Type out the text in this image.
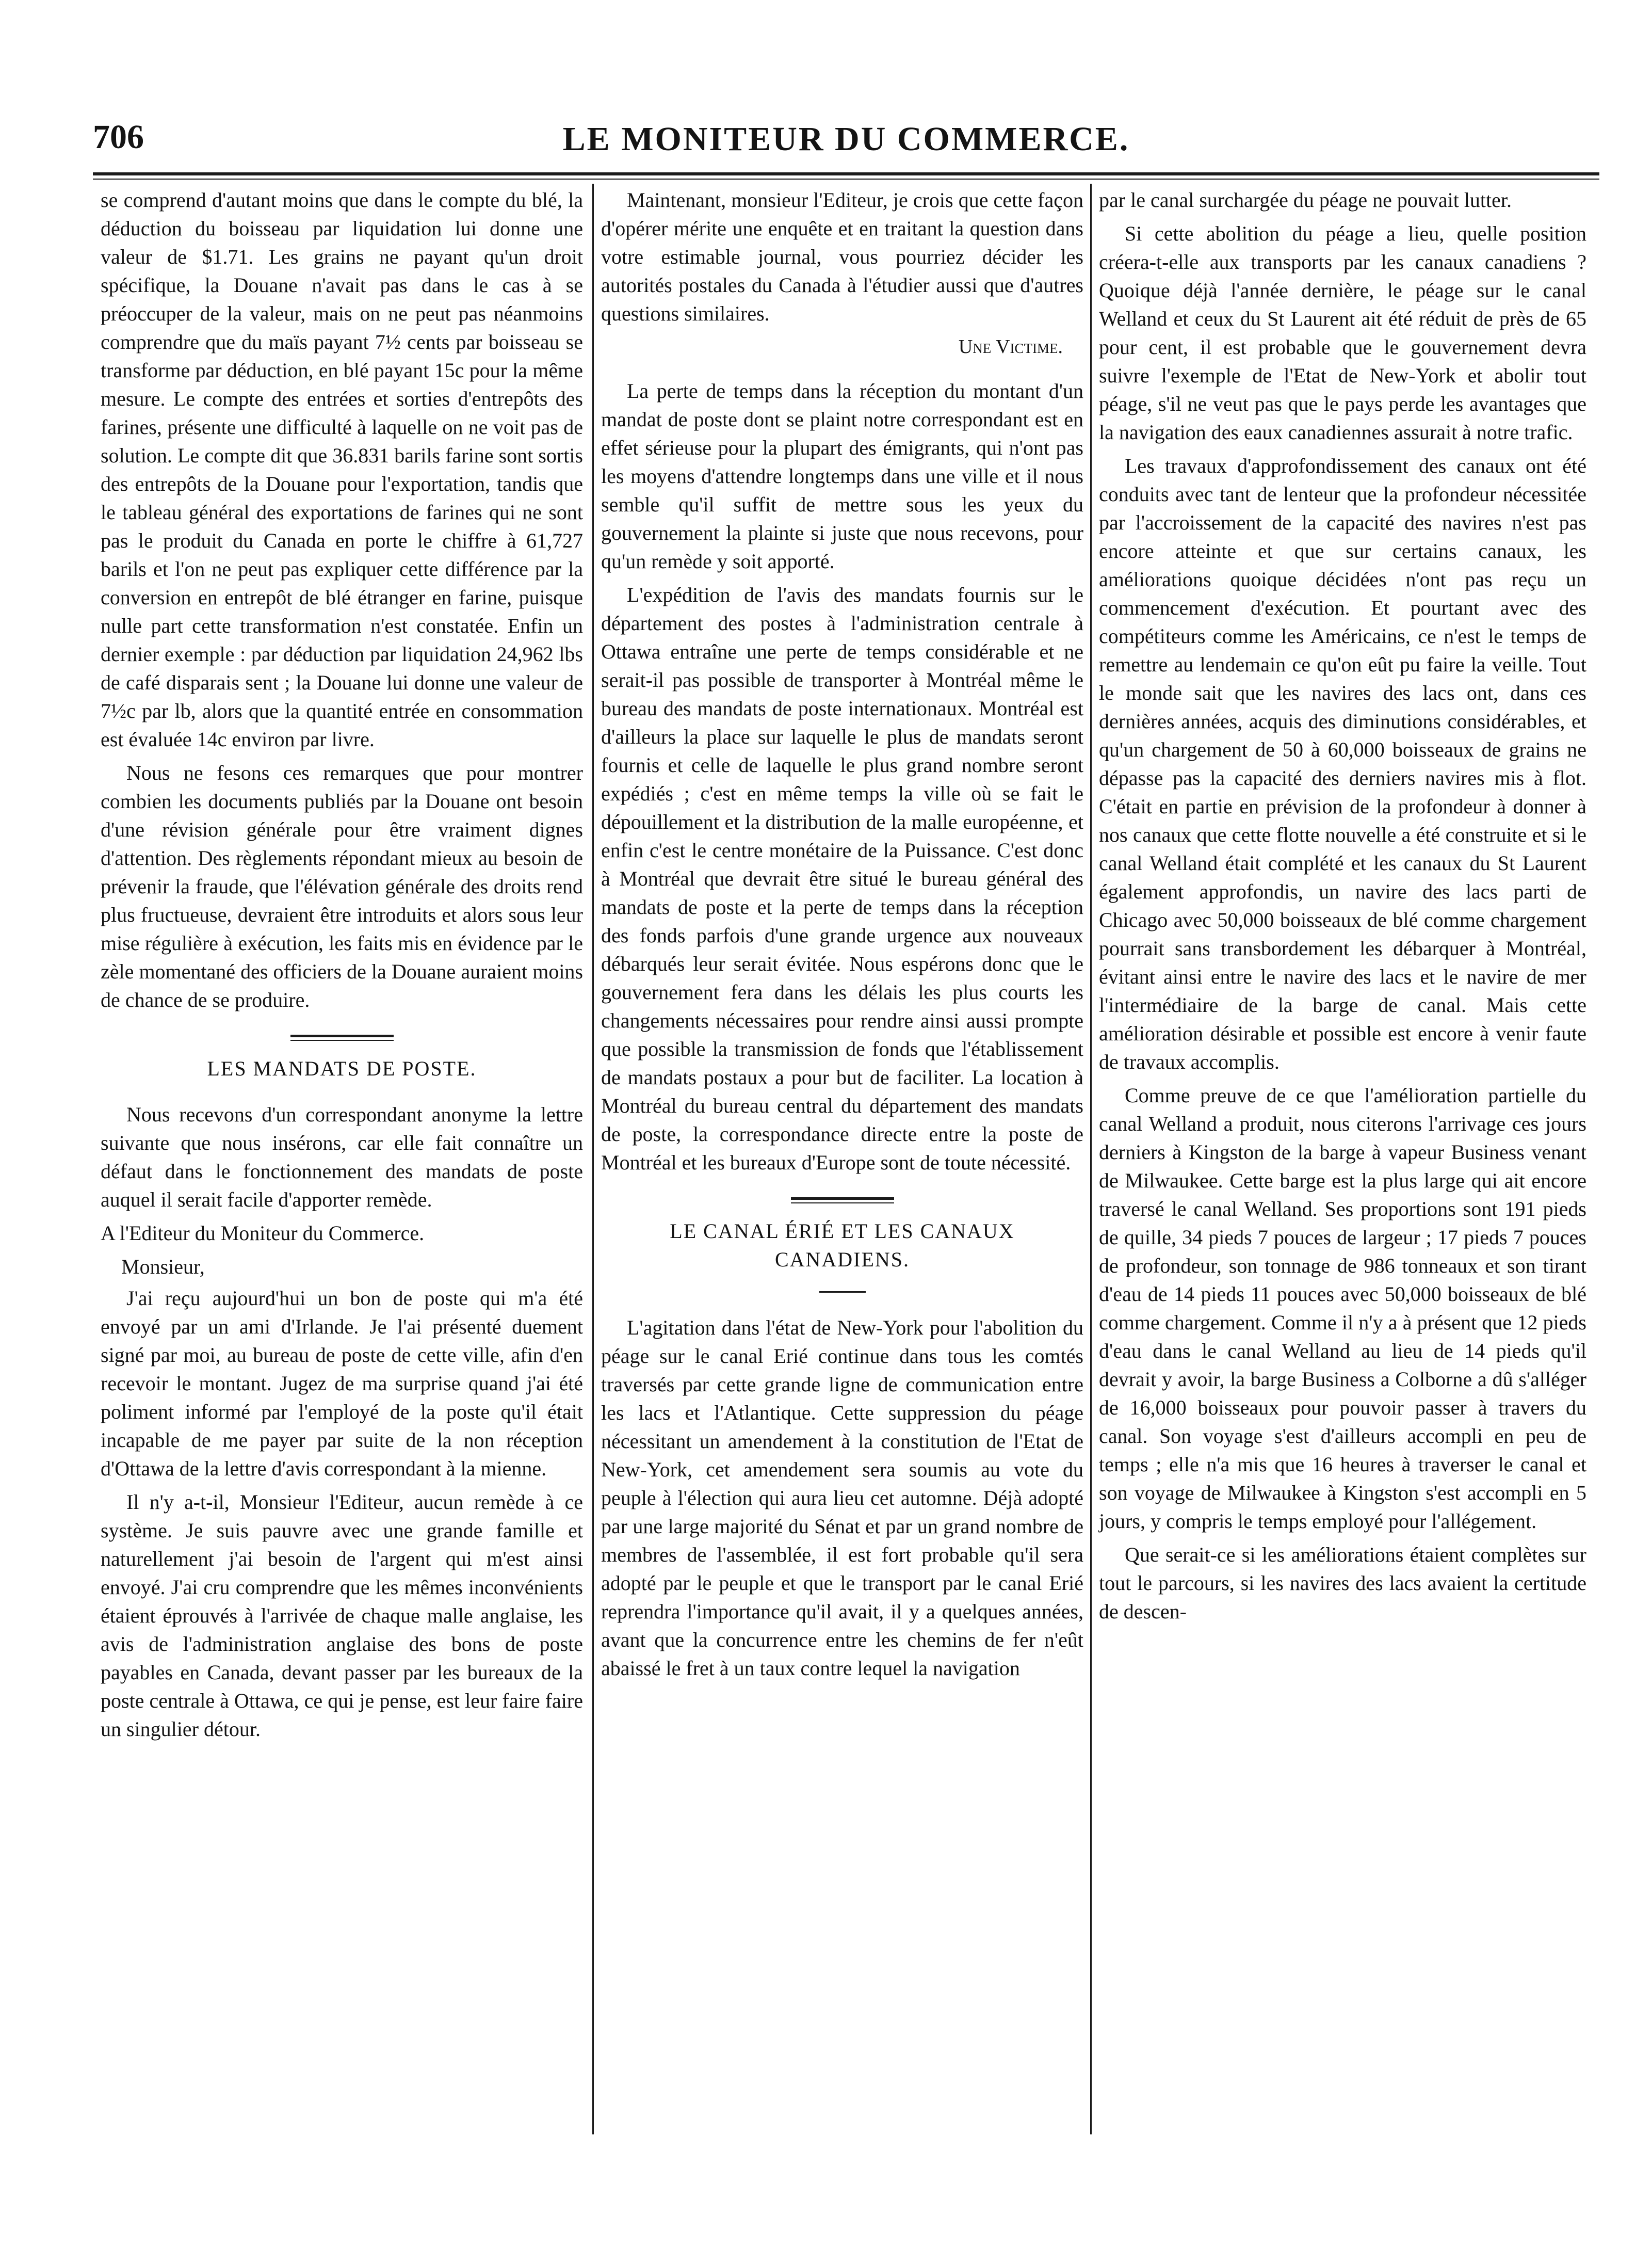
706	LE MONITEUR DU COMMERCE.

se comprend d'autant moins que dans le compte du blé, la déduction du boisseau par liquidation lui donne une valeur de $1.71. Les grains ne payant qu'un droit spécifique, la Douane n'avait pas dans le cas à se préoccuper de la valeur, mais on ne peut pas néanmoins comprendre que du maïs payant 7½ cents par boisseau se transforme par déduction, en blé payant 15c pour la même mesure. Le compte des entrées et sorties d'entrepôts des farines, présente une difficulté à laquelle on ne voit pas de solution. Le compte dit que 36.831 barils farine sont sortis des entrepôts de la Douane pour l'exportation, tandis que le tableau général des exportations de farines qui ne sont pas le produit du Canada en porte le chiffre à 61,727 barils et l'on ne peut pas expliquer cette différence par la conversion en entrepôt de blé étranger en farine, puisque nulle part cette transformation n'est constatée. Enfin un dernier exemple : par déduction par liquidation 24,962 lbs de café disparais sent ; la Douane lui donne une valeur de 7½c par lb, alors que la quantité entrée en consommation est évaluée 14c environ par livre.

Nous ne fesons ces remarques que pour montrer combien les documents publiés par la Douane ont besoin d'une révision générale pour être vraiment dignes d'attention. Des règlements répondant mieux au besoin de prévenir la fraude, que l'élévation générale des droits rend plus fructueuse, devraient être introduits et alors sous leur mise régulière à exécution, les faits mis en évidence par le zèle momentané des officiers de la Douane auraient moins de chance de se produire.

LES MANDATS DE POSTE.

Nous recevons d'un correspondant anonyme la lettre suivante que nous insérons, car elle fait connaître un défaut dans le fonctionnement des mandats de poste auquel il serait facile d'apporter remède.

A l'Editeur du Moniteur du Commerce.

Monsieur,

J'ai reçu aujourd'hui un bon de poste qui m'a été envoyé par un ami d'Irlande. Je l'ai présenté duement signé par moi, au bureau de poste de cette ville, afin d'en recevoir le montant. Jugez de ma surprise quand j'ai été poliment informé par l'employé de la poste qu'il était incapable de me payer par suite de la non réception d'Ottawa de la lettre d'avis correspondant à la mienne.

Il n'y a-t-il, Monsieur l'Editeur, aucun remède à ce système. Je suis pauvre avec une grande famille et naturellement j'ai besoin de l'argent qui m'est ainsi envoyé. J'ai cru comprendre que les mêmes inconvénients étaient éprouvés à l'arrivée de chaque malle anglaise, les avis de l'administration anglaise des bons de poste payables en Canada, devant passer par les bureaux de la poste centrale à Ottawa, ce qui je pense, est leur faire faire un singulier détour.

Maintenant, monsieur l'Editeur, je crois que cette façon d'opérer mérite une enquête et en traitant la question dans votre estimable journal, vous pourriez décider les autorités postales du Canada à l'étudier aussi que d'autres questions similaires.

Une Victime.

La perte de temps dans la réception du montant d'un mandat de poste dont se plaint notre correspondant est en effet sérieuse pour la plupart des émigrants, qui n'ont pas les moyens d'attendre longtemps dans une ville et il nous semble qu'il suffit de mettre sous les yeux du gouvernement la plainte si juste que nous recevons, pour qu'un remède y soit apporté.

L'expédition de l'avis des mandats fournis sur le département des postes à l'administration centrale à Ottawa entraîne une perte de temps considérable et ne serait-il pas possible de transporter à Montréal même le bureau des mandats de poste internationaux. Montréal est d'ailleurs la place sur laquelle le plus de mandats seront fournis et celle de laquelle le plus grand nombre seront expédiés ; c'est en même temps la ville où se fait le dépouillement et la distribution de la malle européenne, et enfin c'est le centre monétaire de la Puissance. C'est donc à Montréal que devrait être situé le bureau général des mandats de poste et la perte de temps dans la réception des fonds parfois d'une grande urgence aux nouveaux débarqués leur serait évitée. Nous espérons donc que le gouvernement fera dans les délais les plus courts les changements nécessaires pour rendre ainsi aussi prompte que possible la transmission de fonds que l'établissement de mandats postaux a pour but de faciliter. La location à Montréal du bureau central du département des mandats de poste, la correspondance directe entre la poste de Montréal et les bureaux d'Europe sont de toute nécessité.

LE CANAL ÉRIÉ ET LES CANAUX CANADIENS.

L'agitation dans l'état de New-York pour l'abolition du péage sur le canal Erié continue dans tous les comtés traversés par cette grande ligne de communication entre les lacs et l'Atlantique. Cette suppression du péage nécessitant un amendement à la constitution de l'Etat de New-York, cet amendement sera soumis au vote du peuple à l'élection qui aura lieu cet automne. Déjà adopté par une large majorité du Sénat et par un grand nombre de membres de l'assemblée, il est fort probable qu'il sera adopté par le peuple et que le transport par le canal Erié reprendra l'importance qu'il avait, il y a quelques années, avant que la concurrence entre les chemins de fer n'eût abaissé le fret à un taux contre lequel la navigation

par le canal surchargée du péage ne pouvait lutter.

Si cette abolition du péage a lieu, quelle position créera-t-elle aux transports par les canaux canadiens ? Quoique déjà l'année dernière, le péage sur le canal Welland et ceux du St Laurent ait été réduit de près de 65 pour cent, il est probable que le gouvernement devra suivre l'exemple de l'Etat de New-York et abolir tout péage, s'il ne veut pas que le pays perde les avantages que la navigation des eaux canadiennes assurait à notre trafic.

Les travaux d'approfondissement des canaux ont été conduits avec tant de lenteur que la profondeur nécessitée par l'accroissement de la capacité des navires n'est pas encore atteinte et que sur certains canaux, les améliorations quoique décidées n'ont pas reçu un commencement d'exécution. Et pourtant avec des compétiteurs comme les Américains, ce n'est le temps de remettre au lendemain ce qu'on eût pu faire la veille. Tout le monde sait que les navires des lacs ont, dans ces dernières années, acquis des diminutions considérables, et qu'un chargement de 50 à 60,000 boisseaux de grains ne dépasse pas la capacité des derniers navires mis à flot. C'était en partie en prévision de la profondeur à donner à nos canaux que cette flotte nouvelle a été construite et si le canal Welland était complété et les canaux du St Laurent également approfondis, un navire des lacs parti de Chicago avec 50,000 boisseaux de blé comme chargement pourrait sans transbordement les débarquer à Montréal, évitant ainsi entre le navire des lacs et le navire de mer l'intermédiaire de la barge de canal. Mais cette amélioration désirable et possible est encore à venir faute de travaux accomplis.

Comme preuve de ce que l'amélioration partielle du canal Welland a produit, nous citerons l'arrivage ces jours derniers à Kingston de la barge à vapeur Business venant de Milwaukee. Cette barge est la plus large qui ait encore traversé le canal Welland. Ses proportions sont 191 pieds de quille, 34 pieds 7 pouces de largeur ; 17 pieds 7 pouces de profondeur, son tonnage de 986 tonneaux et son tirant d'eau de 14 pieds 11 pouces avec 50,000 boisseaux de blé comme chargement. Comme il n'y a à présent que 12 pieds d'eau dans le canal Welland au lieu de 14 pieds qu'il devrait y avoir, la barge Business a Colborne a dû s'alléger de 16,000 boisseaux pour pouvoir passer à travers du canal. Son voyage s'est d'ailleurs accompli en peu de temps ; elle n'a mis que 16 heures à traverser le canal et son voyage de Milwaukee à Kingston s'est accompli en 5 jours, y compris le temps employé pour l'allégement.

Que serait-ce si les améliorations étaient complètes sur tout le parcours, si les navires des lacs avaient la certitude de descen-
